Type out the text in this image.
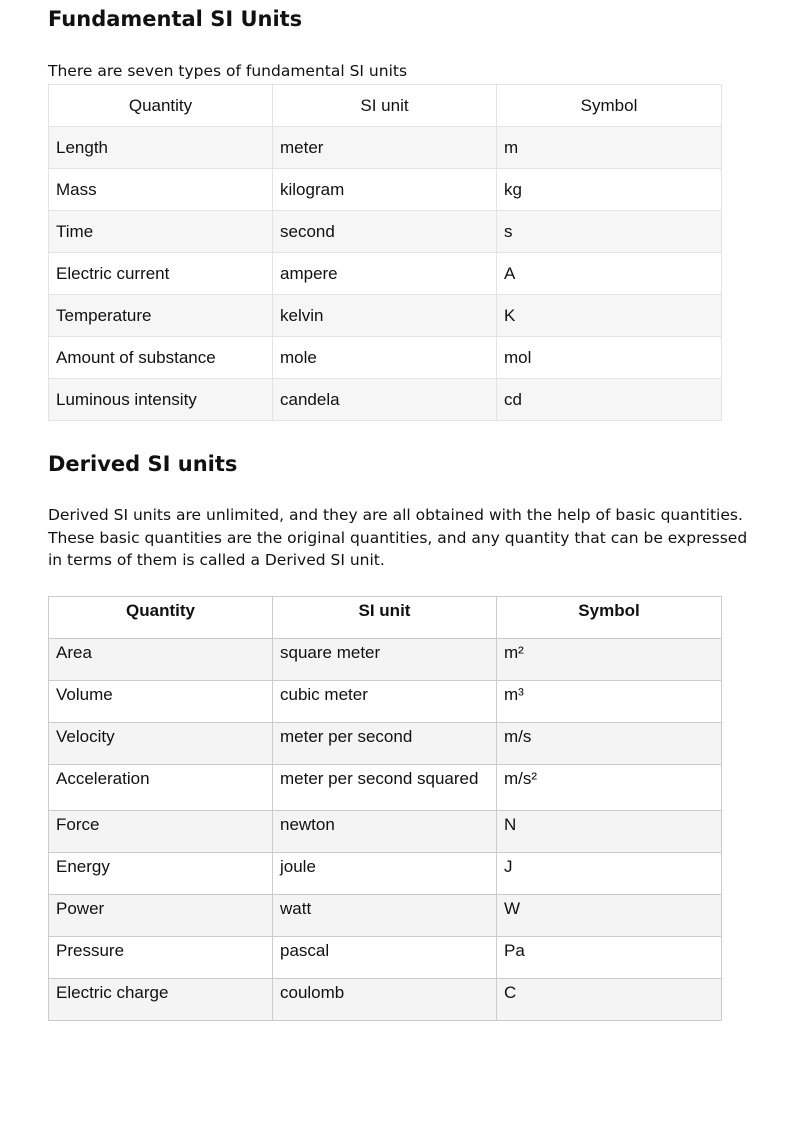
Fundamental SI Units

There are seven types of fundamental SI units

Quantity	SI unit	Symbol
Length	meter	m
Mass	kilogram	kg
Time	second	s
Electric current	ampere	A
Temperature	kelvin	K
Amount of substance	mole	mol
Luminous intensity	candela	cd
Derived SI units

Derived SI units are unlimited, and they are all obtained with the help of basic quantities. These basic quantities are the original quantities, and any quantity that can be expressed in terms of them is called a Derived SI unit.

Quantity	SI unit	Symbol
Area	square meter	m²
Volume	cubic meter	m³
Velocity	meter per second	m/s
Acceleration	meter per second squared	m/s²
Force	newton	N
Energy	joule	J
Power	watt	W
Pressure	pascal	Pa
Electric charge	coulomb	C
